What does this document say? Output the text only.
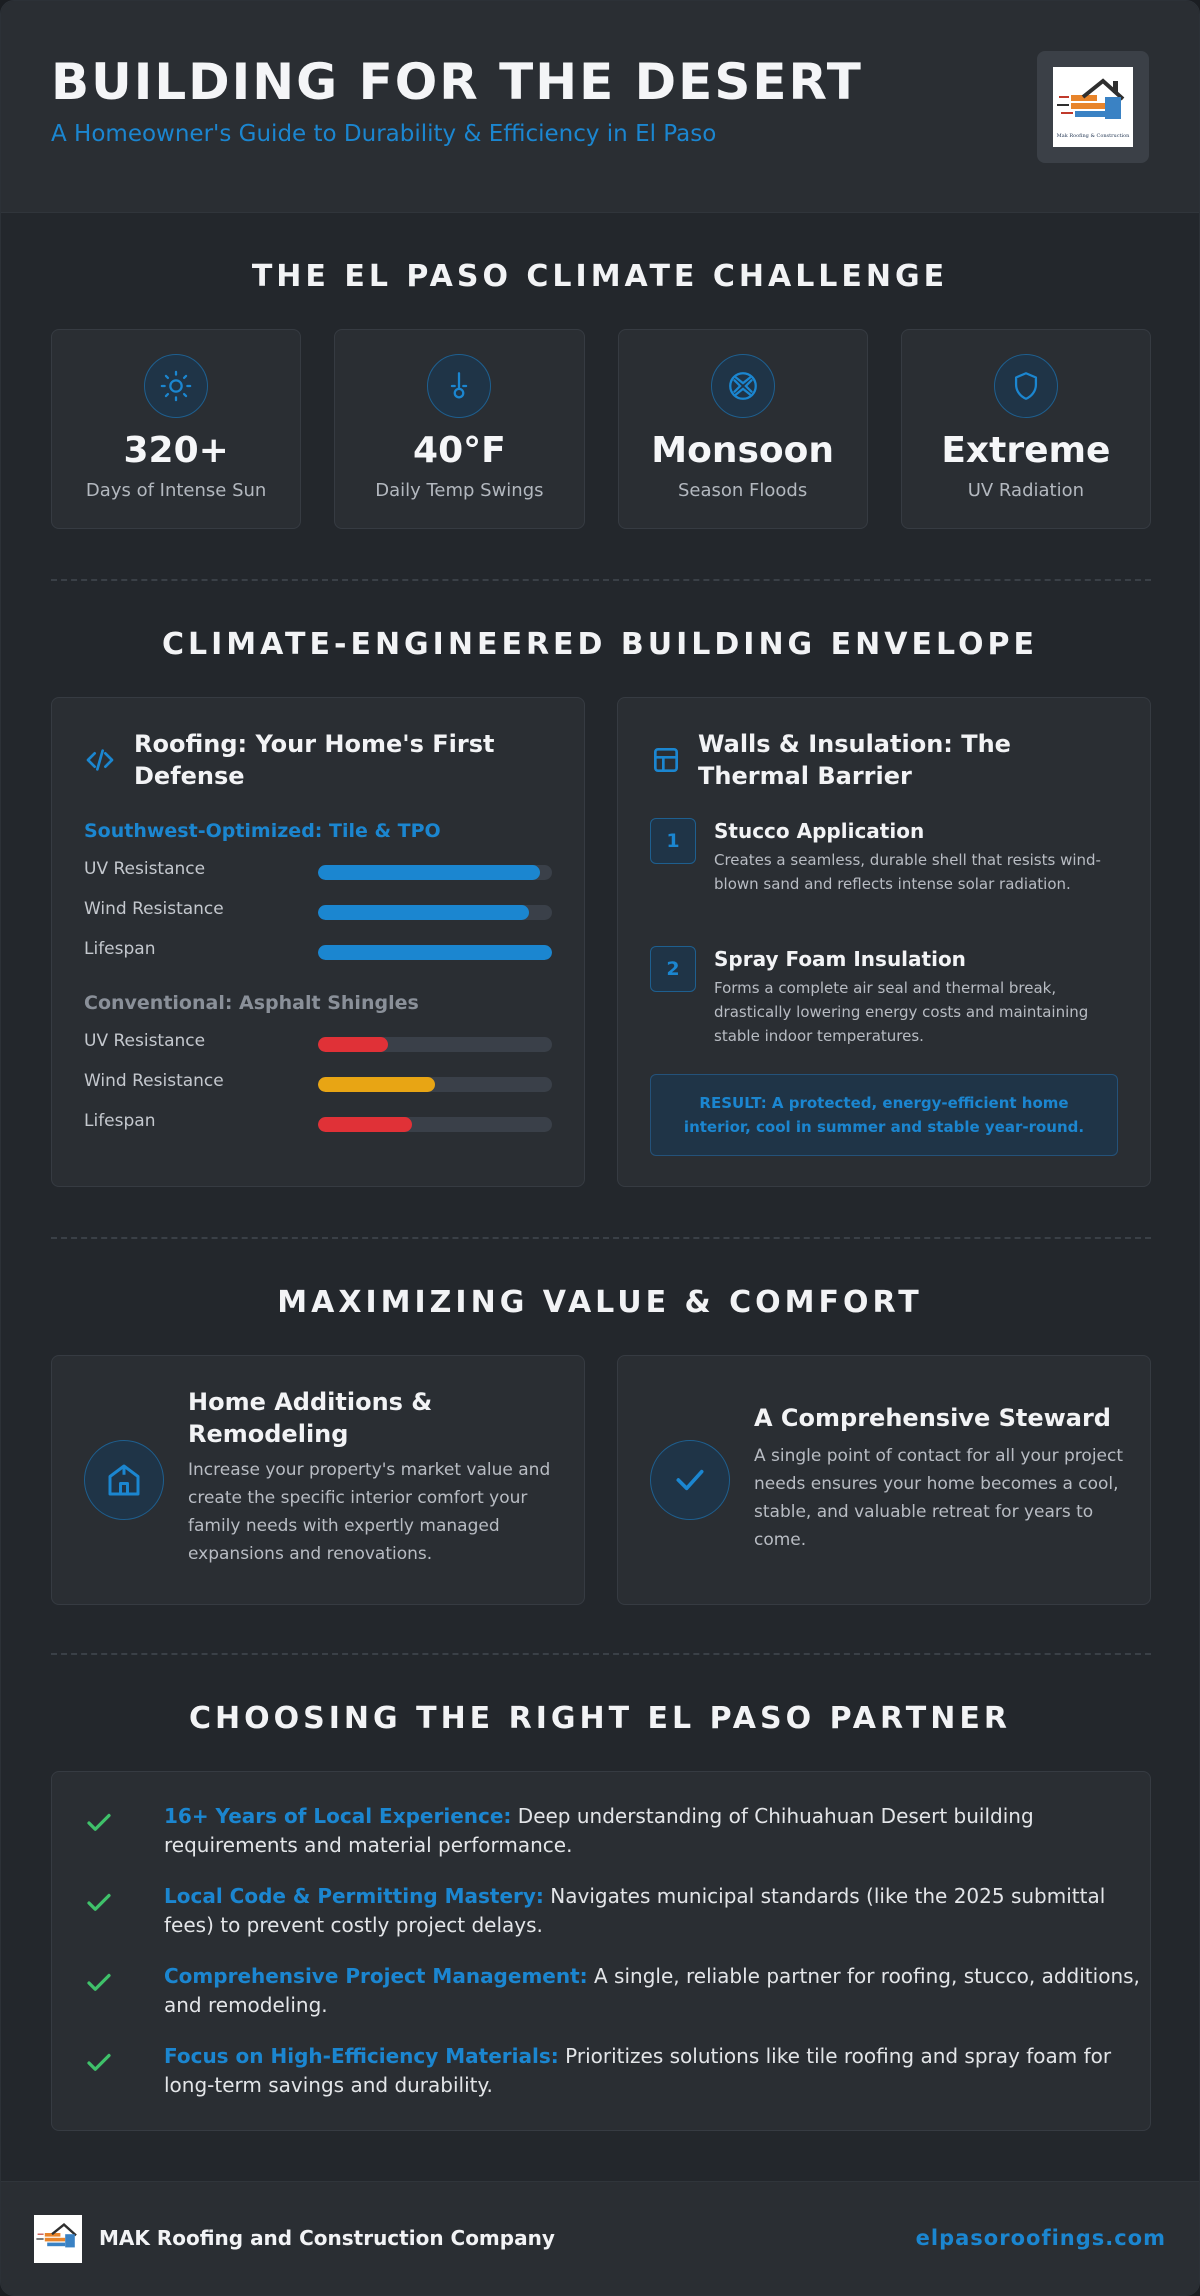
BUILDING FOR THE DESERT
A Homeowner's Guide to Durability & Efficiency in El Paso	Mak Roofing & Construction
THE EL PASO CLIMATE CHALLENGE
320+
Days of Intense Sun
40°F
Daily Temp Swings
Monsoon
Season Floods
Extreme
UV Radiation
CLIMATE-ENGINEERED BUILDING ENVELOPE
Roofing: Your Home's First
Defense
Southwest-Optimized: Tile & TPO
UV Resistance
Wind Resistance
Lifespan
Conventional: Asphalt Shingles
UV Resistance
Wind Resistance
Lifespan
Walls & Insulation: The
Thermal Barrier
1	Stucco Application
Creates a seamless, durable shell that resists wind-blown sand and reflects intense solar radiation.
2	Spray Foam Insulation
Forms a complete air seal and thermal break, drastically lowering energy costs and maintaining stable indoor temperatures.
RESULT: A protected, energy-efficient home interior, cool in summer and stable year-round.
MAXIMIZING VALUE & COMFORT
Home Additions &
Remodeling
Increase your property's market value and create the specific interior comfort your family needs with expertly managed expansions and renovations.
A Comprehensive Steward
A single point of contact for all your project needs ensures your home becomes a cool, stable, and valuable retreat for years to come.
CHOOSING THE RIGHT EL PASO PARTNER
16+ Years of Local Experience: Deep understanding of Chihuahuan Desert building requirements and material performance.
Local Code & Permitting Mastery: Navigates municipal standards (like the 2025 submittal fees) to prevent costly project delays.
Comprehensive Project Management: A single, reliable partner for roofing, stucco, additions, and remodeling.
Focus on High-Efficiency Materials: Prioritizes solutions like tile roofing and spray foam for long-term savings and durability.
MAK Roofing and Construction Company	elpasoroofings.com
